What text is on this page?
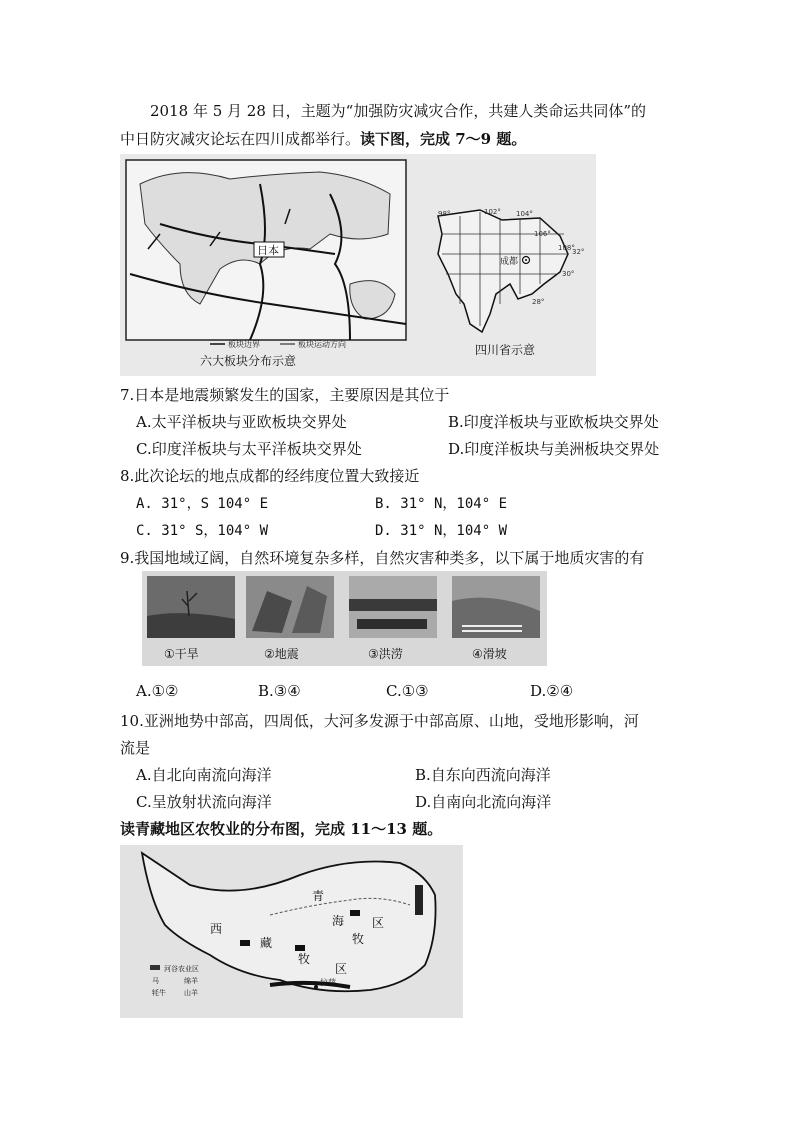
2018 年 5 月 28 日，主题为“加强防灾减灾合作，共建人类命运共同体”的
中日防灾减灾论坛在四川成都举行。读下图，完成 7～9 题。
日本
板块边界	板块运动方向
六大板块分布示意
成都
98°	102° 104°
106°
108°
32°
30°
28°
四川省示意
7.日本是地震频繁发生的国家，主要原因是其位于
A.太平洋板块与亚欧板块交界处	B.印度洋板块与亚欧板块交界处
C.印度洋板块与太平洋板块交界处	D.印度洋板块与美洲板块交界处
8.此次论坛的地点成都的经纬度位置大致接近
A. 31°，S 104° E	B. 31° N，104° E
C. 31° S，104° W	D. 31° N，104° W
9.我国地域辽阔，自然环境复杂多样，自然灾害种类多，以下属于地质灾害的有
①干旱	②地震	③洪涝	④滑坡
A.①②	B.③④	C.①③	D.②④
10.亚洲地势中部高，四周低，大河多发源于中部高原、山地，受地形影响，河
流是
A.自北向南流向海洋	B.自东向西流向海洋
C.呈放射状流向海洋	D.自南向北流向海洋
读青藏地区农牧业的分布图，完成 11～13 题。
青
海
牧
区
西
藏
牧
区
拉萨
河谷农业区
马	绵羊
牦牛	山羊
